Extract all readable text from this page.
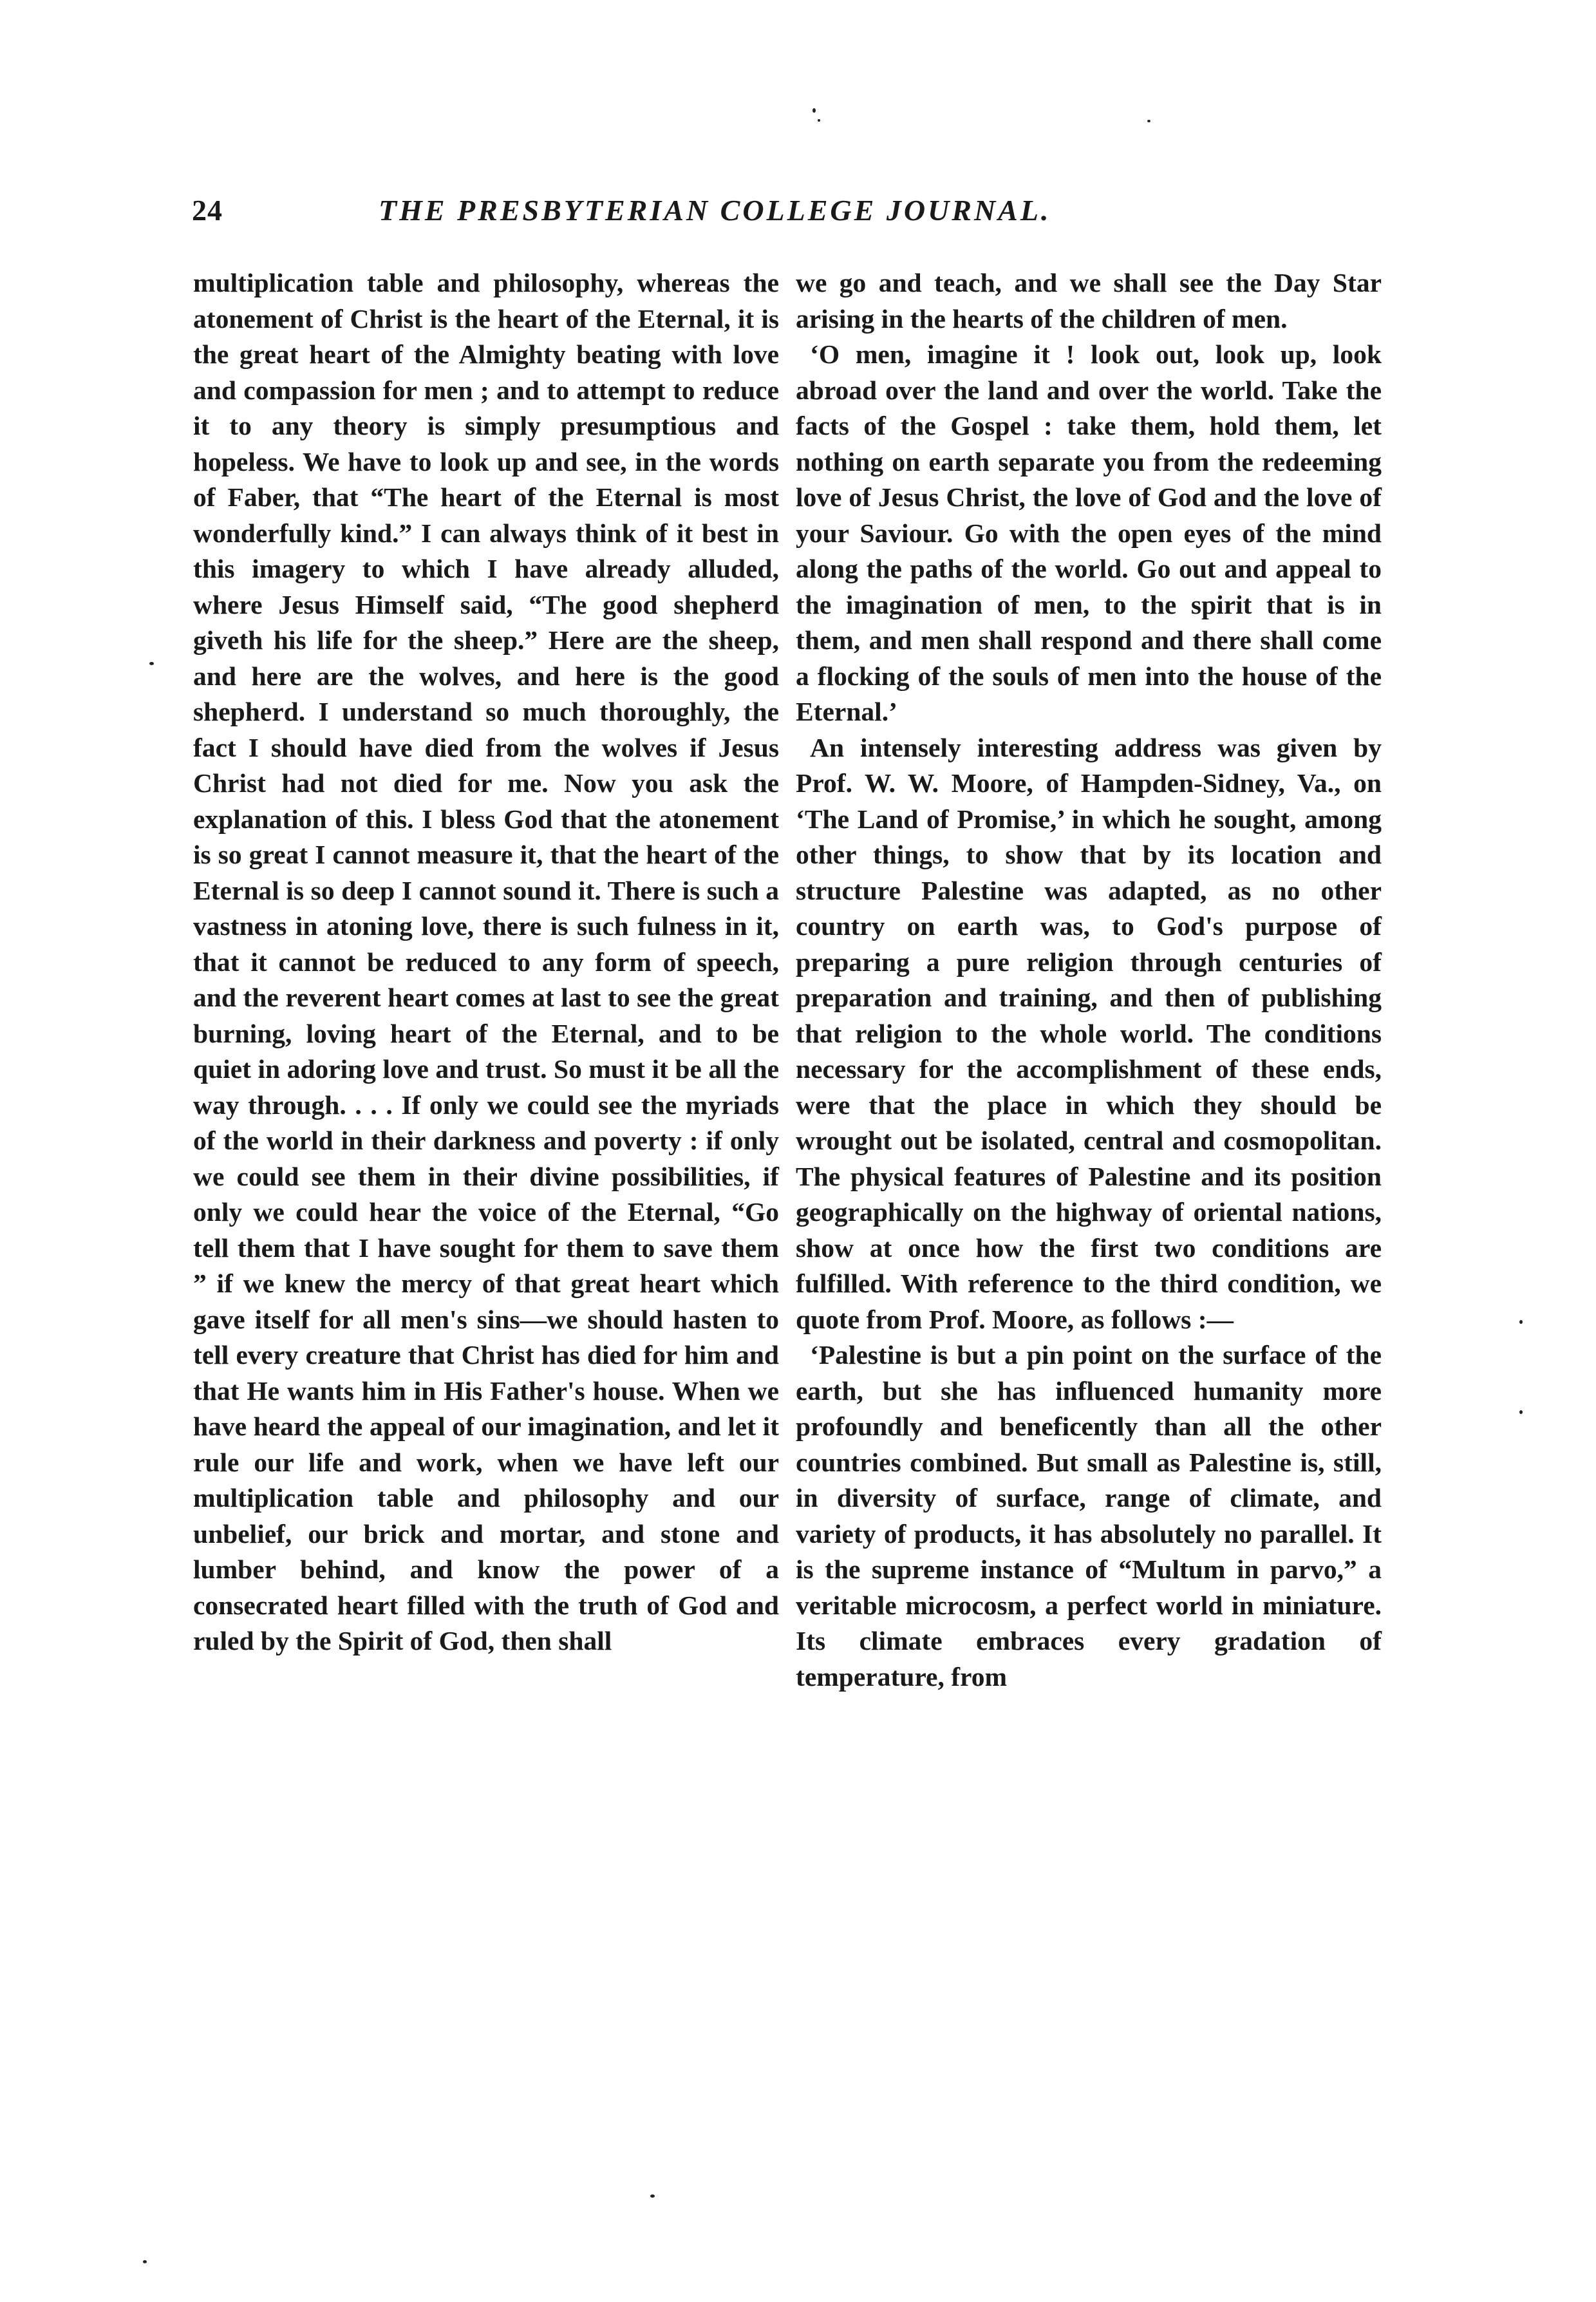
24	THE PRESBYTERIAN COLLEGE JOURNAL.

multiplication table and philosophy, whereas the atonement of Christ is the heart of the Eternal, it is the great heart of the Almighty beating with love and compassion for men ; and to attempt to reduce it to any theory is simply presumptious and hopeless. We have to look up and see, in the words of Faber, that “The heart of the Eternal is most wonderfully kind.” I can always think of it best in this imagery to which I have already alluded, where Jesus Himself said, “The good shepherd giveth his life for the sheep.” Here are the sheep, and here are the wolves, and here is the good shepherd. I understand so much thoroughly, the fact I should have died from the wolves if Jesus Christ had not died for me. Now you ask the explanation of this. I bless God that the atonement is so great I cannot measure it, that the heart of the Eternal is so deep I cannot sound it. There is such a vastness in atoning love, there is such fulness in it, that it cannot be reduced to any form of speech, and the reverent heart comes at last to see the great burning, loving heart of the Eternal, and to be quiet in adoring love and trust. So must it be all the way through. . . . If only we could see the myriads of the world in their darkness and poverty : if only we could see them in their divine possibilities, if only we could hear the voice of the Eternal, “Go tell them that I have sought for them to save them ” if we knew the mercy of that great heart which gave itself for all men's sins—we should hasten to tell every creature that Christ has died for him and that He wants him in His Father's house. When we have heard the appeal of our imagination, and let it rule our life and work, when we have left our multiplication table and philosophy and our unbelief, our brick and mortar, and stone and lumber behind, and know the power of a consecrated heart filled with the truth of God and ruled by the Spirit of God, then shall

we go and teach, and we shall see the Day Star arising in the hearts of the children of men.

‘O men, imagine it ! look out, look up, look abroad over the land and over the world. Take the facts of the Gospel : take them, hold them, let nothing on earth separate you from the redeeming love of Jesus Christ, the love of God and the love of your Saviour. Go with the open eyes of the mind along the paths of the world. Go out and appeal to the imagination of men, to the spirit that is in them, and men shall respond and there shall come a flocking of the souls of men into the house of the Eternal.’

An intensely interesting address was given by Prof. W. W. Moore, of Hampden-Sidney, Va., on ‘The Land of Promise,’ in which he sought, among other things, to show that by its location and structure Palestine was adapted, as no other country on earth was, to God's purpose of preparing a pure religion through centuries of preparation and training, and then of publishing that religion to the whole world. The conditions necessary for the accomplishment of these ends, were that the place in which they should be wrought out be isolated, central and cosmopolitan. The physical features of Palestine and its position geographically on the highway of oriental nations, show at once how the first two conditions are fulfilled. With reference to the third condition, we quote from Prof. Moore, as follows :—

‘Palestine is but a pin point on the surface of the earth, but she has influenced humanity more profoundly and beneficently than all the other countries combined. But small as Palestine is, still, in diversity of surface, range of climate, and variety of products, it has absolutely no parallel. It is the supreme instance of “Multum in parvo,” a veritable microcosm, a perfect world in miniature. Its climate embraces every gradation of temperature, from
